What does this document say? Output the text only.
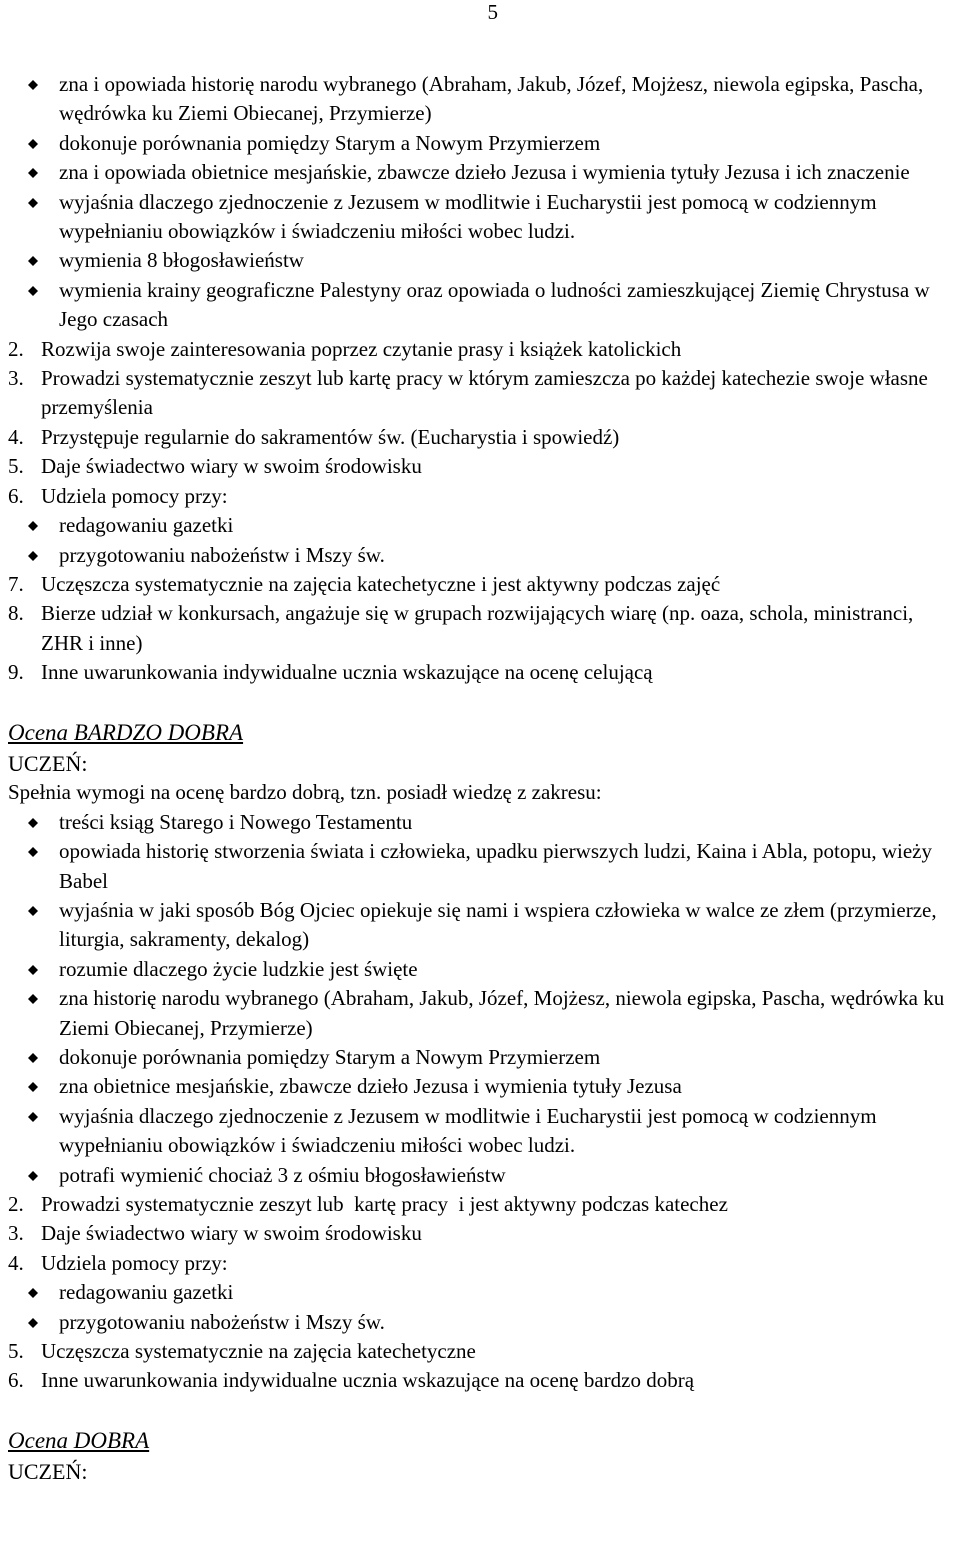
5
zna i opowiada historię narodu wybranego (Abraham, Jakub, Józef, Mojżesz, niewola egipska, Pascha, wędrówka ku Ziemi Obiecanej, Przymierze)
dokonuje porównania pomiędzy Starym a Nowym Przymierzem
zna i opowiada obietnice mesjańskie, zbawcze dzieło Jezusa i wymienia tytuły Jezusa i ich znaczenie
wyjaśnia dlaczego zjednoczenie z Jezusem w modlitwie i Eucharystii jest pomocą w codziennym wypełnianiu obowiązków i świadczeniu miłości wobec ludzi.
wymienia 8 błogosławieństw
wymienia krainy geograficzne Palestyny oraz opowiada o ludności zamieszkującej Ziemię Chrystusa w Jego czasach
2. Rozwija swoje zainteresowania poprzez czytanie prasy i książek katolickich
3. Prowadzi systematycznie zeszyt lub kartę pracy w którym zamieszcza po każdej katechezie swoje własne przemyślenia
4. Przystępuje regularnie do sakramentów św. (Eucharystia i spowiedź)
5. Daje świadectwo wiary w swoim środowisku
6. Udziela pomocy przy:
redagowaniu gazetki
przygotowaniu nabożeństw i Mszy św.
7. Uczęszcza systematycznie na zajęcia katechetyczne i jest aktywny podczas zajęć
8. Bierze udział w konkursach, angażuje się w grupach rozwijających wiarę (np. oaza, schola, ministranci, ZHR i inne)
9. Inne uwarunkowania indywidualne ucznia wskazujące na ocenę celującą
Ocena BARDZO DOBRA
UCZEŃ:
Spełnia wymogi na ocenę bardzo dobrą, tzn. posiadł wiedzę z zakresu:
treści ksiąg Starego i Nowego Testamentu
opowiada historię stworzenia świata i człowieka, upadku pierwszych ludzi, Kaina i Abla, potopu, wieży Babel
wyjaśnia w jaki sposób Bóg Ojciec opiekuje się nami i wspiera człowieka w walce ze złem (przymierze, liturgia, sakramenty, dekalog)
rozumie dlaczego życie ludzkie jest święte
zna historię narodu wybranego (Abraham, Jakub, Józef, Mojżesz, niewola egipska, Pascha, wędrówka ku Ziemi Obiecanej, Przymierze)
dokonuje porównania pomiędzy Starym a Nowym Przymierzem
zna obietnice mesjańskie, zbawcze dzieło Jezusa i wymienia tytuły Jezusa
wyjaśnia dlaczego zjednoczenie z Jezusem w modlitwie i Eucharystii jest pomocą w codziennym wypełnianiu obowiązków i świadczeniu miłości wobec ludzi.
potrafi wymienić chociaż 3 z ośmiu błogosławieństw
2. Prowadzi systematycznie zeszyt lub  kartę pracy  i jest aktywny podczas katechez
3. Daje świadectwo wiary w swoim środowisku
4. Udziela pomocy przy:
redagowaniu gazetki
przygotowaniu nabożeństw i Mszy św.
5. Uczęszcza systematycznie na zajęcia katechetyczne
6. Inne uwarunkowania indywidualne ucznia wskazujące na ocenę bardzo dobrą
Ocena DOBRA
UCZEŃ:
